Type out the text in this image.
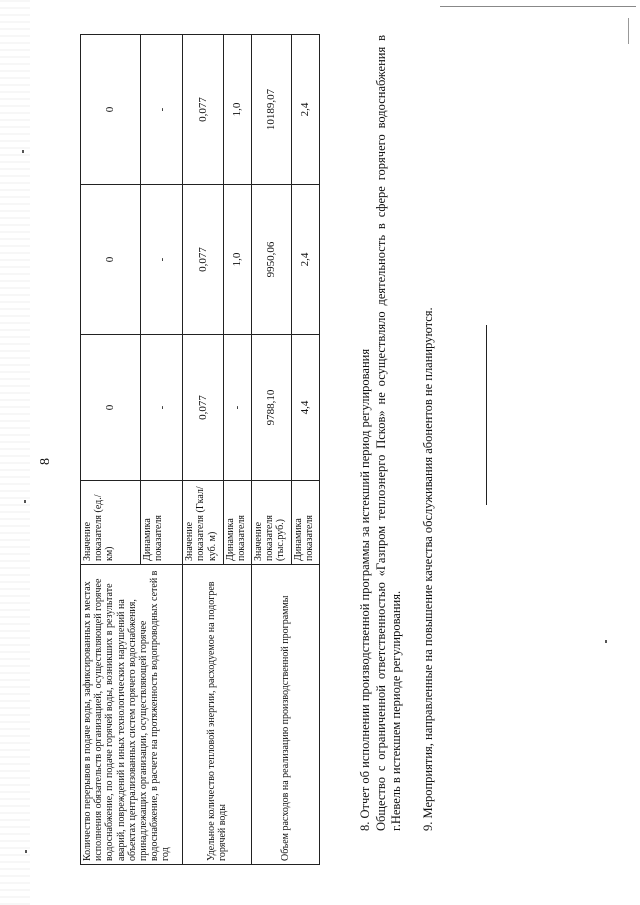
8
Количество перерывов в подаче воды, зафиксированных в местах исполнения обязательств организацией, осуществляющей горячее водоснабжение, по подаче горячей воды, возникших в результате аварий, повреждений и иных технологических нарушений на объектах централизованных систем горячего водоснабжения, принадлежащих организации, осуществляющей горячее водоснабжение, в расчете на протяженность водопроводных сетей в год	Значение показателя (ед./км)	0	0	0
	Динамика показателя	-	-	-
Удельное количество тепловой энергии, расходуемое на подогрев горячей воды	Значение показателя (Гкал/куб. м)	0,077	0,077	0,077
	Динамика показателя	-	1,0	1,0
Объем расходов на реализацию производственной программы	Значение показателя (тыс.руб.)	9788,10	9950,06	10189,07
	Динамика показателя	4,4	2,4	2,4

8. Отчет об исполнении производственной программы за истекший период регулирования Общество с ограниченной ответственностью «Газпром теплоэнерго Псков» не осуществляло деятельность в сфере горячего водоснабжения в г.Невель в истекшем периоде регулирования. 9. Мероприятия, направленные на повышение качества обслуживания абонентов не планируются.
